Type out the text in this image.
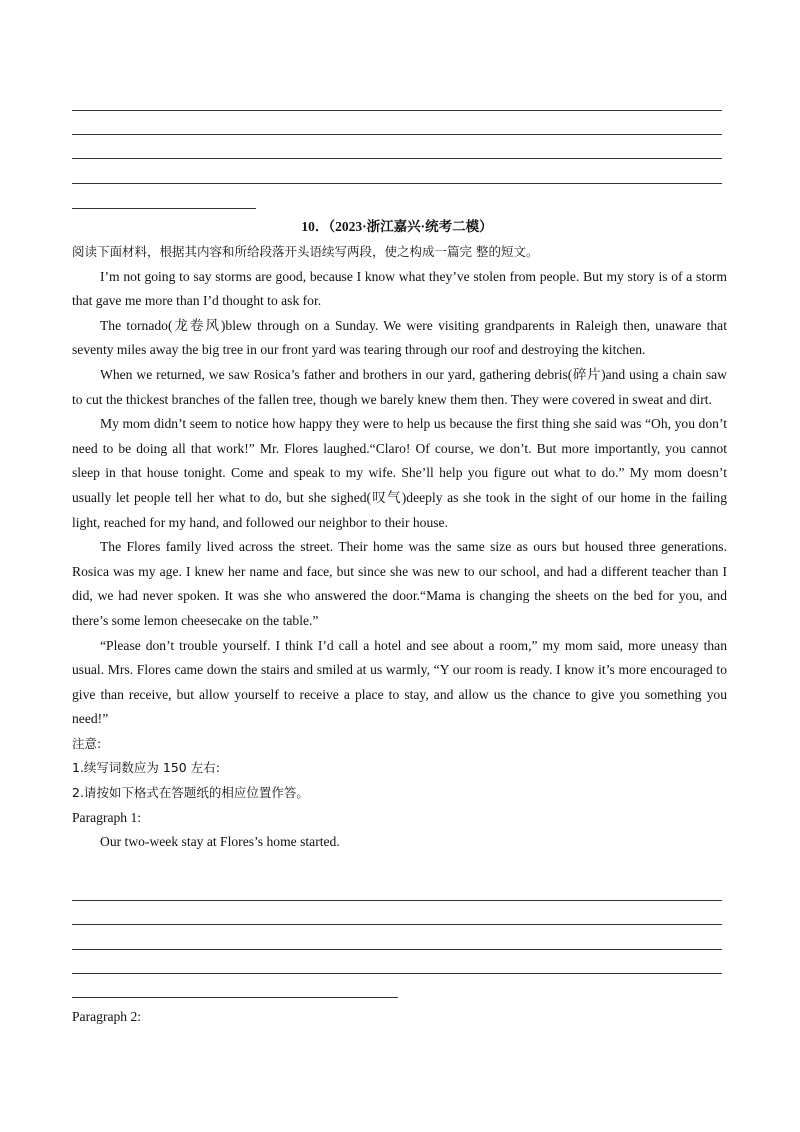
10．（2023·浙江嘉兴·统考二模）

阅读下面材料，根据其内容和所给段落开头语续写两段，使之构成一篇完 整的短文。

I’m not going to say storms are good, because I know what they’ve stolen from people. But my story is of a storm that gave me more than I’d thought to ask for.

The tornado(龙卷风)blew through on a Sunday. We were visiting grandparents in Raleigh then, unaware that seventy miles away the big tree in our front yard was tearing through our roof and destroying the kitchen.

When we returned, we saw Rosica’s father and brothers in our yard, gathering debris(碎片)and using a chain saw to cut the thickest branches of the fallen tree, though we barely knew them then. They were covered in sweat and dirt.

My mom didn’t seem to notice how happy they were to help us because the first thing she said was “Oh, you don’t need to be doing all that work!” Mr. Flores laughed.“Claro! Of course, we don’t. But more importantly, you cannot sleep in that house tonight. Come and speak to my wife. She’ll help you figure out what to do.” My mom doesn’t usually let people tell her what to do, but she sighed(叹气)deeply as she took in the sight of our home in the failing light, reached for my hand, and followed our neighbor to their house.

The Flores family lived across the street. Their home was the same size as ours but housed three generations. Rosica was my age. I knew her name and face, but since she was new to our school, and had a different teacher than I did, we had never spoken. It was she who answered the door.“Mama is changing the sheets on the bed for you, and there’s some lemon cheesecake on the table.”

“Please don’t trouble yourself. I think I’d call a hotel and see about a room,” my mom said, more uneasy than usual. Mrs. Flores came down the stairs and smiled at us warmly, “Y our room is ready. I know it’s more encouraged to give than receive, but allow yourself to receive a place to stay, and allow us the chance to give you something you need!”

注意:

1.续写词数应为 150 左右:

2.请按如下格式在答题纸的相应位置作答。

Paragraph 1:

Our two-week stay at Flores’s home started.

Paragraph 2:
